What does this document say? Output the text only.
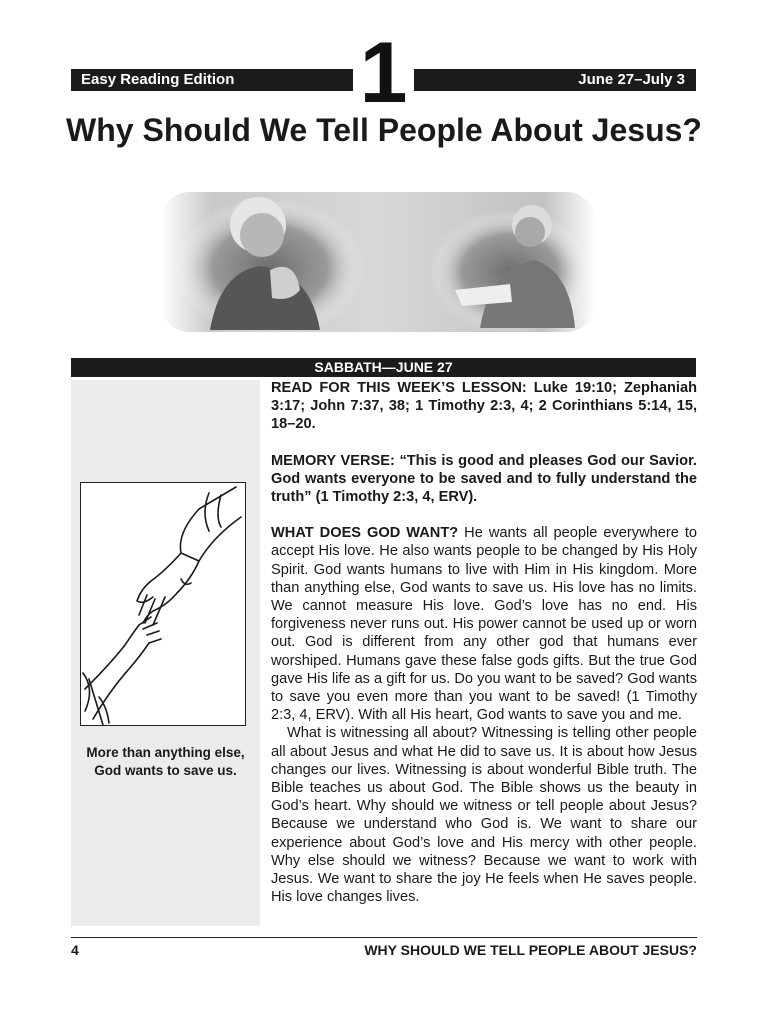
Easy Reading Edition	1	June 27–July 3
Why Should We Tell People About Jesus?
SABBATH—JUNE 27
More than anything else, God wants to save us.

READ FOR THIS WEEK’S LESSON: Luke 19:10; Zephaniah 3:17; John 7:37, 38; 1 Timothy 2:3, 4; 2 Corinthians 5:14, 15, 18–20.

MEMORY VERSE: “This is good and pleases God our Savior. God wants everyone to be saved and to fully understand the truth” (1 Timothy 2:3, 4, ERV).

WHAT DOES GOD WANT? He wants all people everywhere to accept His love. He also wants people to be changed by His Holy Spirit. God wants humans to live with Him in His kingdom. More than anything else, God wants to save us. His love has no limits. We cannot measure His love. God’s love has no end. His forgiveness never runs out. His power cannot be used up or worn out. God is different from any other god that humans ever worshiped. Humans gave these false gods gifts. But the true God gave His life as a gift for us. Do you want to be saved? God wants to save you even more than you want to be saved! (1 Timothy 2:3, 4, ERV). With all His heart, God wants to save you and me.

What is witnessing all about? Witnessing is telling other people all about Jesus and what He did to save us. It is about how Jesus changes our lives. Witnessing is about wonderful Bible truth. The Bible teaches us about God. The Bible shows us the beauty in God’s heart. Why should we witness or tell people about Jesus? Because we understand who God is. We want to share our experience about God’s love and His mercy with other people. Why else should we witness? Because we want to work with Jesus. We want to share the joy He feels when He saves people. His love changes lives.

4	WHY SHOULD WE TELL PEOPLE ABOUT JESUS?
